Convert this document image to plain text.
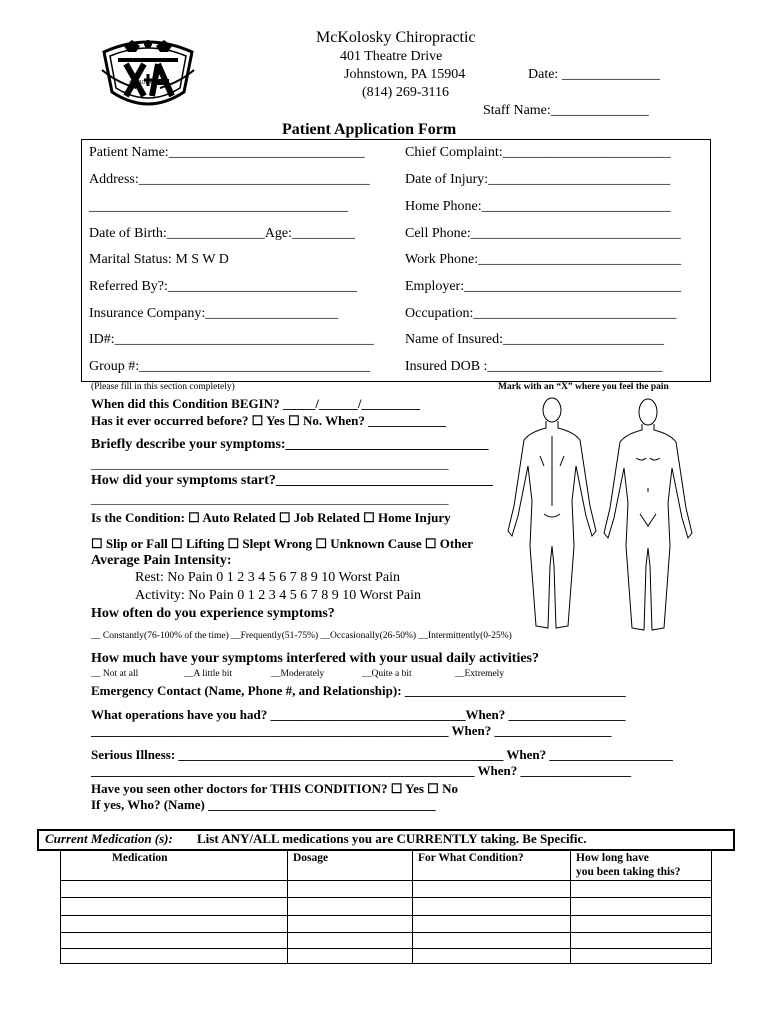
CHIROPRACTIC
McKolosky Chiropractic
401 Theatre Drive
Johnstown, PA 15904	Date: ______________
(814) 269-3116
Staff Name:______________
Patient Application Form
Patient Name:____________________________
Address:_________________________________
_____________________________________
Date of Birth:______________Age:_________
Marital Status: M S W D
Referred By?:___________________________
Insurance Company:___________________
ID#:_____________________________________
Group #:_________________________________
Chief Complaint:________________________
Date of Injury:__________________________
Home Phone:___________________________
Cell Phone:______________________________
Work Phone:_____________________________
Employer:_______________________________
Occupation:_____________________________
Name of Insured:_______________________
Insured DOB :_________________________
(Please fill in this section completely)	Mark with an “X” where you feel the pain
When did this Condition BEGIN? _____/______/_________
Has it ever occurred before? ☐ Yes ☐ No. When? ____________
Briefly describe your symptoms:_____________________________
_______________________________________________________
How did your symptoms start?_______________________________
_______________________________________________________
Is the Condition: ☐ Auto Related ☐ Job Related ☐ Home Injury
☐ Slip or Fall ☐ Lifting ☐ Slept Wrong ☐ Unknown Cause ☐ Other
Average Pain Intensity:
Rest: No Pain 0 1 2 3 4 5 6 7 8 9 10 Worst Pain
Activity: No Pain 0 1 2 3 4 5 6 7 8 9 10 Worst Pain
How often do you experience symptoms?
__ Constantly(76-100% of the time) __Frequently(51-75%) __Occasionally(26-50%) __Intermittently(0-25%)
How much have your symptoms interfered with your usual daily activities?
__ Not at all	__A little bit	__Moderately	__Quite a bit	__Extremely
Emergency Contact (Name, Phone #, and Relationship): __________________________________
What operations have you had? ______________________________When? __________________
_______________________________________________________ When? __________________
Serious Illness: __________________________________________________ When? ___________________
___________________________________________________________ When? _________________
Have you seen other doctors for THIS CONDITION? ☐ Yes ☐ No
If yes, Who? (Name) ___________________________________
Current Medication (s): List ANY/ALL medications you are CURRENTLY taking. Be Specific.
Medication	Dosage	For What Condition?	How long have
you been taking this?
